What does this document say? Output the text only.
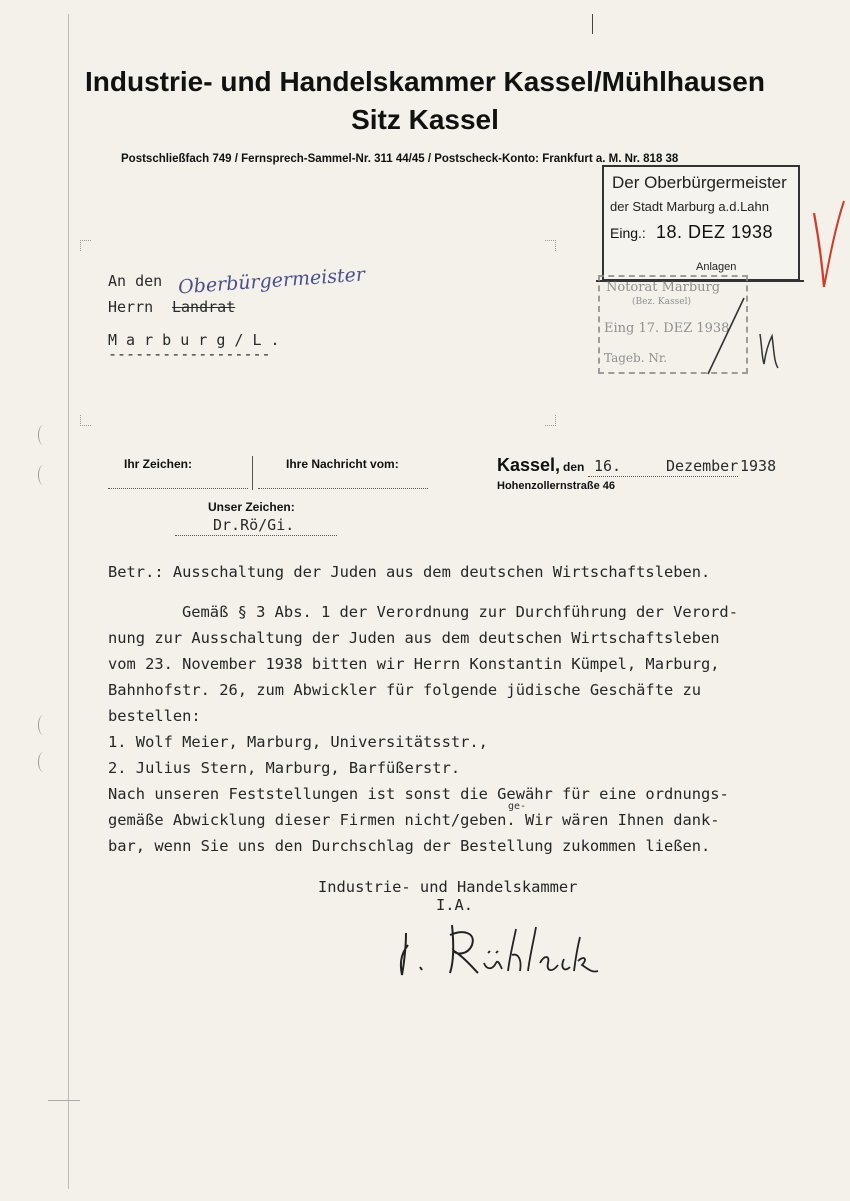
Industrie- und Handelskammer Kassel/Mühlhausen
Sitz Kassel
Postschließfach 749 / Fernsprech-Sammel-Nr. 311 44/45 / Postscheck-Konto: Frankfurt a. M. Nr. 818 38
Der Oberbürgermeister
der Stadt Marburg a.d.Lahn
Eing.: 18. DEZ 1938
Anlagen
Notorat Marburg
(Bez. Kassel)
Eing 17. DEZ 1938
Tageb. Nr.
An den
Herrn Landrat
Oberbürgermeister
M a r b u r g / L .
------------------
Ihr Zeichen:	Ihre Nachricht vom:	Kassel, den 16.	Dezember 1938
Hohenzollernstraße 46
Unser Zeichen:
Dr.Rö/Gi.
Betr.: Ausschaltung der Juden aus dem deutschen Wirtschaftsleben.
Gemäß § 3 Abs. 1 der Verordnung zur Durchführung der Verord-
nung zur Ausschaltung der Juden aus dem deutschen Wirtschaftsleben
vom 23. November 1938 bitten wir Herrn Konstantin Kümpel, Marburg,
Bahnhofstr. 26, zum Abwickler für folgende jüdische Geschäfte zu
bestellen:
1. Wolf Meier, Marburg, Universitätsstr.,
2. Julius Stern, Marburg, Barfüßerstr.
Nach unseren Feststellungen ist sonst die Gewähr für eine ordnungs-
ge-
gemäße Abwicklung dieser Firmen nicht/geben. Wir wären Ihnen dank-
bar, wenn Sie uns den Durchschlag der Bestellung zukommen ließen.
Industrie- und Handelskammer
I.A.
